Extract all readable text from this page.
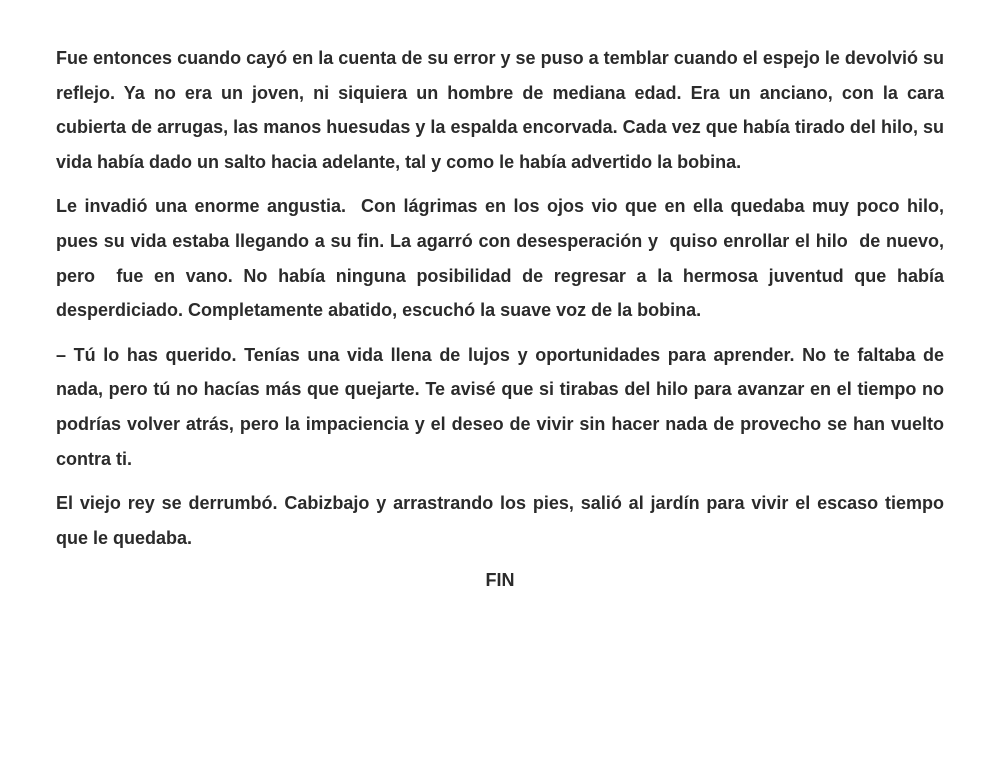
Fue entonces cuando cayó en la cuenta de su error y se puso a temblar cuando el espejo le devolvió su reflejo. Ya no era un joven, ni siquiera un hombre de mediana edad. Era un anciano, con la cara cubierta de arrugas, las manos huesudas y la espalda encorvada. Cada vez que había tirado del hilo, su vida había dado un salto hacia adelante, tal y como le había advertido la bobina.

Le invadió una enorme angustia.  Con lágrimas en los ojos vio que en ella quedaba muy poco hilo, pues su vida estaba llegando a su fin. La agarró con desesperación y  quiso enrollar el hilo  de nuevo, pero  fue en vano. No había ninguna posibilidad de regresar a la hermosa juventud que había desperdiciado. Completamente abatido, escuchó la suave voz de la bobina.

– Tú lo has querido. Tenías una vida llena de lujos y oportunidades para aprender. No te faltaba de nada, pero tú no hacías más que quejarte. Te avisé que si tirabas del hilo para avanzar en el tiempo no podrías volver atrás, pero la impaciencia y el deseo de vivir sin hacer nada de provecho se han vuelto contra ti.

El viejo rey se derrumbó. Cabizbajo y arrastrando los pies, salió al jardín para vivir el escaso tiempo que le quedaba.

FIN
